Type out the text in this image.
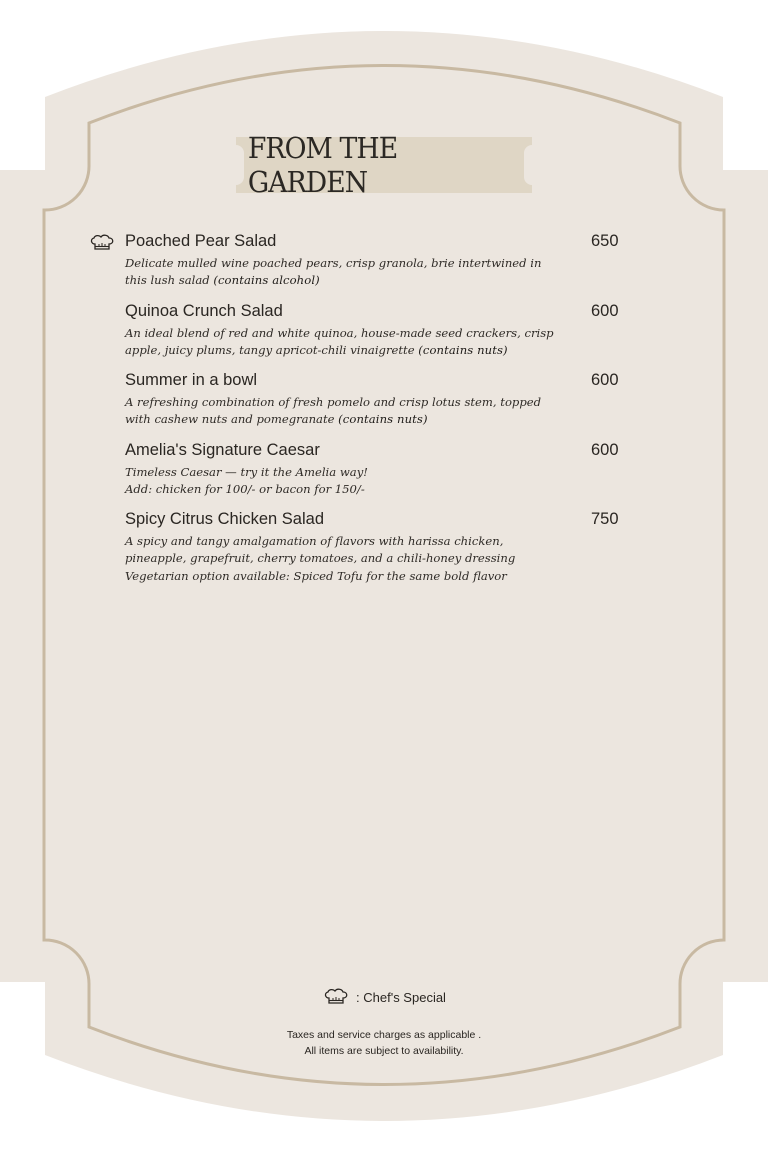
FROM THE GARDEN
Poached Pear Salad	650
Delicate mulled wine poached pears, crisp granola, brie intertwined in
this lush salad (contains alcohol)
Quinoa Crunch Salad	600
An ideal blend of red and white quinoa, house-made seed crackers, crisp
apple, juicy plums, tangy apricot-chili vinaigrette (contains nuts)
Summer in a bowl	600
A refreshing combination of fresh pomelo and crisp lotus stem, topped
with cashew nuts and pomegranate (contains nuts)
Amelia's Signature Caesar	600
Timeless Caesar — try it the Amelia way!
Add: chicken for 100/- or bacon for 150/-
Spicy Citrus Chicken Salad	750
A spicy and tangy amalgamation of flavors with harissa chicken,
pineapple, grapefruit, cherry tomatoes, and a chili-honey dressing
Vegetarian option available: Spiced Tofu for the same bold flavor
: Chef's Special
Taxes and service charges as applicable .
All items are subject to availability.
